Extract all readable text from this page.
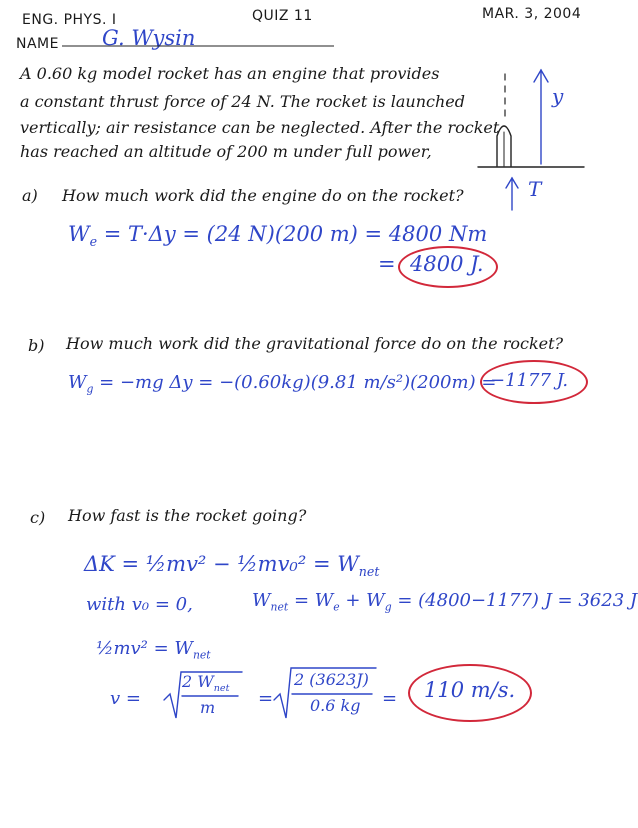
ENG. PHYS. I	QUIZ 11	MAR. 3, 2004
NAME G. Wysin
A 0.60 kg model rocket has an engine that provides
a constant thrust force of 24 N. The rocket is launched
vertically; air resistance can be neglected. After the rocket
has reached an altitude of 200 m under full power,
y
T
a) How much work did the engine do on the rocket?
$W_e = T\cdot\Delta y = (24$ N)(200 m) = 4800 Nm
= 4800 J.
b) How much work did the gravitational force do on the rocket?
$W_g = -mg$ Δy = −(0.60kg)(9.81 m/s²)(200m) =
−1177 J.
c) How fast is the rocket going?
ΔK = ½mv² − ½mv₀² = $W_{net}$
with v₀ = 0,	$W_{net} = W_e + W_g = (4800-1177) J = 3623$ J
½mv² = $W_{net}$
v =
2 $W_{net}$
m =
2 (3623J)
0.6 kg = 110 m/s.
